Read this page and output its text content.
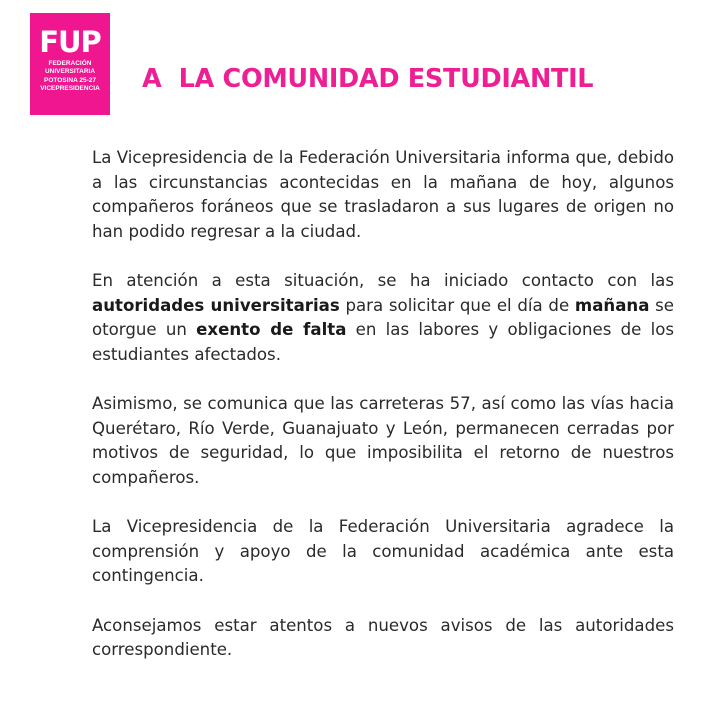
FUP
FEDERACIÓN
UNIVERSITARIA
POTOSINA 25-27
VICEPRESIDENCIA	A  LA COMUNIDAD ESTUDIANTIL

La Vicepresidencia de la Federación Universitaria informa que, debido a las circunstancias acontecidas en la mañana de hoy, algunos compañeros foráneos que se trasladaron a sus lugares de origen no han podido regresar a la ciudad.

En atención a esta situación, se ha iniciado contacto con las autoridades universitarias para solicitar que el día de mañana se otorgue un exento de falta en las labores y obligaciones de los estudiantes afectados.

Asimismo, se comunica que las carreteras 57, así como las vías hacia Querétaro, Río Verde, Guanajuato y León, permanecen cerradas por motivos de seguridad, lo que imposibilita el retorno de nuestros compañeros.

La Vicepresidencia de la Federación Universitaria agradece la comprensión y apoyo de la comunidad académica ante esta contingencia.

Aconsejamos estar atentos a nuevos avisos de las autoridades correspondiente.
